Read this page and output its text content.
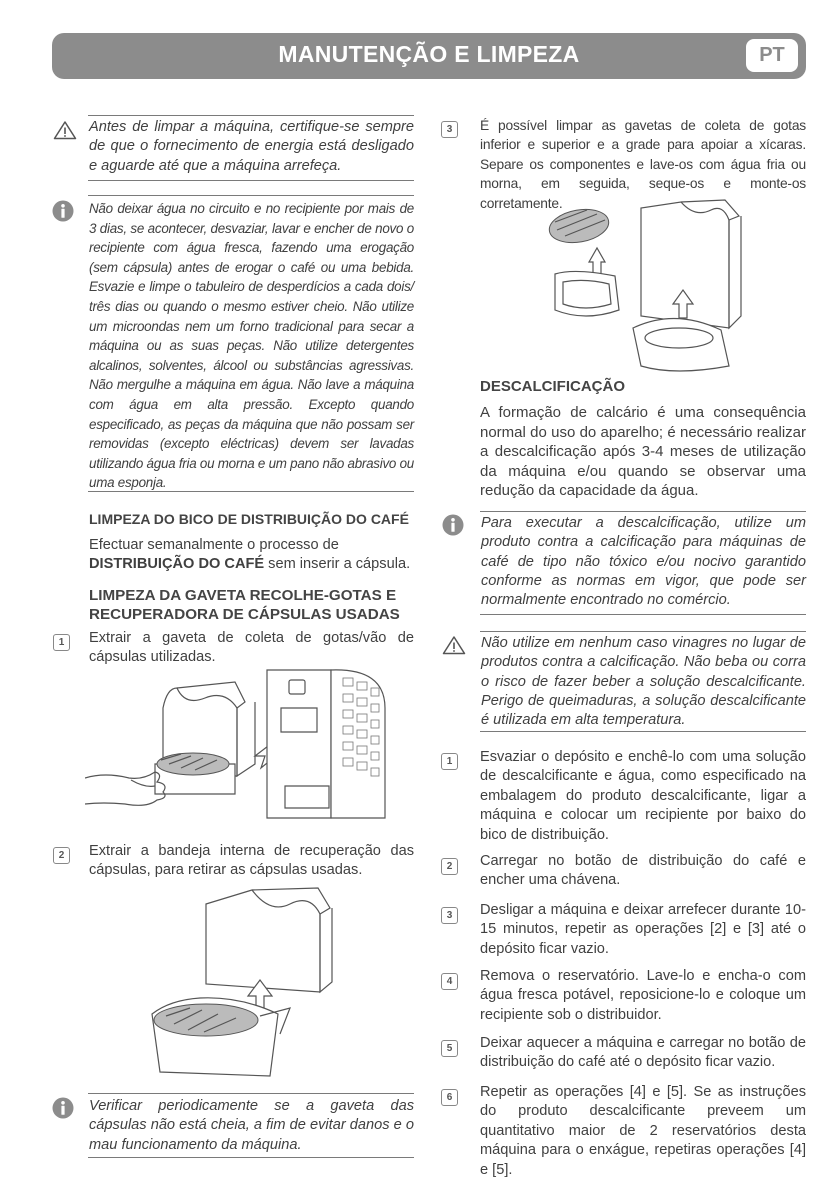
MANUTENÇÃO E LIMPEZA	PT
Antes de limpar a máquina, certifique-se sempre de que o fornecimento de energia está desligado e aguarde até que a máquina arrefeça.
Não deixar água no circuito e no recipiente por mais de 3 dias, se acontecer, desvaziar, lavar e encher de novo o recipiente com água fresca, fazendo uma erogação (sem cápsula) antes de erogar o café ou uma bebida. Esvazie e limpe o tabuleiro de desperdícios a cada dois/ três dias ou quando o mesmo estiver cheio. Não utilize um microondas nem um forno tradicional para secar a máquina ou as suas peças. Não utilize detergentes alcalinos, solventes, álcool ou substâncias agressivas. Não mergulhe a máquina em água. Não lave a máquina com água em alta pressão. Excepto quando especificado, as peças da máquina que não possam ser removidas (excepto eléctricas) devem ser lavadas utilizando água fria ou morna e um pano não abrasivo ou uma esponja.
LIMPEZA DO BICO DE DISTRIBUIÇÃO DO CAFÉ
Efectuar semanalmente o processo de
DISTRIBUIÇÃO DO CAFÉ sem inserir a cápsula.
LIMPEZA DA GAVETA RECOLHE-GOTAS E RECUPERADORA DE CÁPSULAS USADAS
1	Extrair a gaveta de coleta de gotas/vão de cápsulas utilizadas.
2	Extrair a bandeja interna de recuperação das cápsulas, para retirar as cápsulas usadas.
Verificar periodicamente se a gaveta das cápsulas não está cheia, a fim de evitar danos e o mau funcionamento da máquina.
3	É possível limpar as gavetas de coleta de gotas inferior e superior e a grade para apoiar a xícaras. Separe os componentes e lave-os com água fria ou morna, em seguida, seque-os e monte-os corretamente.
DESCALCIFICAÇÃO
A formação de calcário é uma consequência normal do uso do aparelho; é necessário realizar a descalcificação após 3-4 meses de utilização da máquina e/ou quando se observar uma redução da capacidade da água.
Para executar a descalcificação, utilize um produto contra a calcificação para máquinas de café de tipo não tóxico e/ou nocivo garantido conforme as normas em vigor, que pode ser normalmente encontrado no comércio.
Não utilize em nenhum caso vinagres no lugar de produtos contra a calcificação. Não beba ou corra o risco de fazer beber a solução descalcificante. Perigo de queimaduras, a solução descalcificante é utilizada em alta temperatura.
1	Esvaziar o depósito e enchê-lo com uma solução de descalcificante e água, como especificado na embalagem do produto descalcificante, ligar a máquina e colocar um recipiente por baixo do bico de distribuição.
2	Carregar no botão de distribuição do café e encher uma chávena.
3	Desligar a máquina e deixar arrefecer durante 10-15 minutos, repetir as operações [2] e [3] até o depósito ficar vazio.
4	Remova o reservatório. Lave-lo e encha-o com água fresca potável, reposicione-lo e coloque um recipiente sob o distribuidor.
5	Deixar aquecer a máquina e carregar no botão de distribuição do café até o depósito ficar vazio.
6	Repetir as operações [4] e [5]. Se as instruções do produto descalcificante preveem um quantitativo maior de 2 reservatórios desta máquina para o enxágue, repetiras operações [4] e [5].
